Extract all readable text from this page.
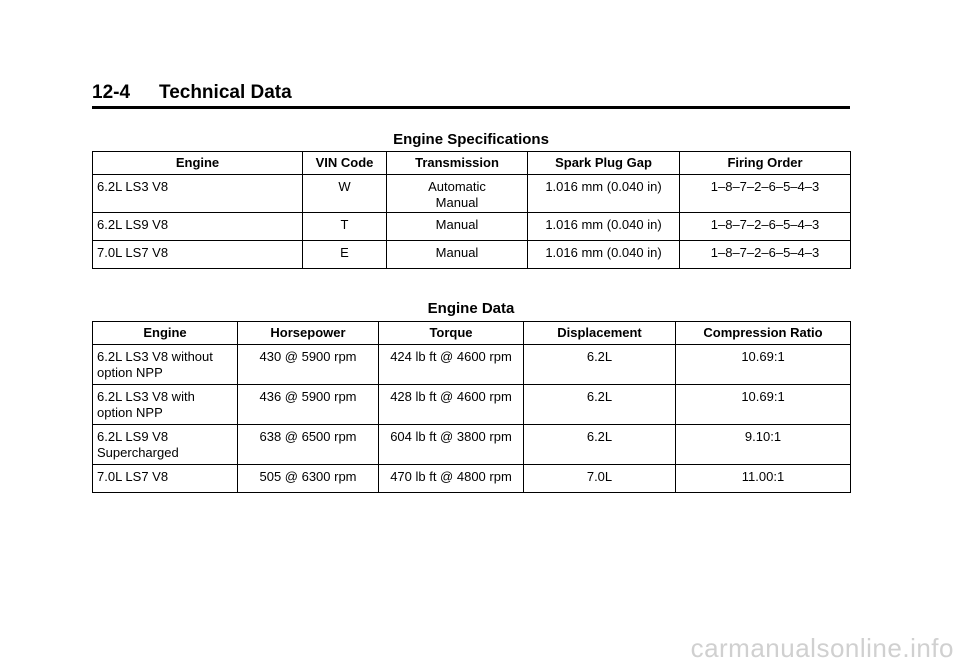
12-4 Technical Data
Engine Specifications
Engine	VIN Code	Transmission	Spark Plug Gap	Firing Order
6.2L LS3 V8	W	Automatic Manual	1.016 mm (0.040 in)	1–8–7–2–6–5–4–3
6.2L LS9 V8	T	Manual	1.016 mm (0.040 in)	1–8–7–2–6–5–4–3
7.0L LS7 V8	E	Manual	1.016 mm (0.040 in)	1–8–7–2–6–5–4–3
Engine Data
Engine	Horsepower	Torque	Displacement	Compression Ratio
6.2L LS3 V8 without option NPP	430 @ 5900 rpm	424 lb ft @ 4600 rpm	6.2L	10.69:1
6.2L LS3 V8 with option NPP	436 @ 5900 rpm	428 lb ft @ 4600 rpm	6.2L	10.69:1
6.2L LS9 V8 Supercharged	638 @ 6500 rpm	604 lb ft @ 3800 rpm	6.2L	9.10:1
7.0L LS7 V8	505 @ 6300 rpm	470 lb ft @ 4800 rpm	7.0L	11.00:1
carmanualsonline.info
